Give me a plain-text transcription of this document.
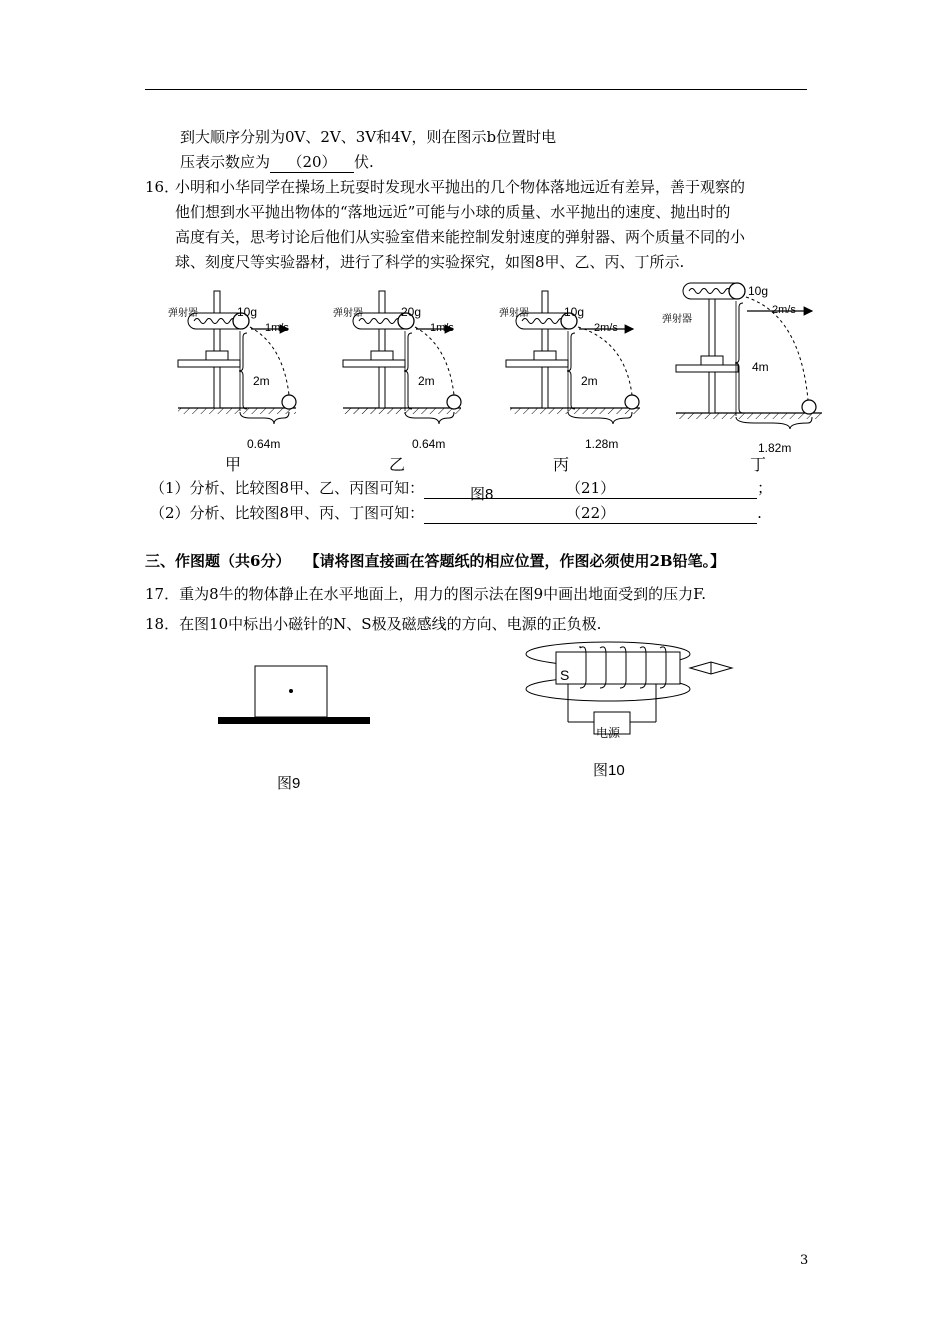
到大顺序分别为0V、2V、3V和4V，则在图示b位置时电
压表示数应为 （20） 伏.
16．
小明和小华同学在操场上玩耍时发现水平抛出的几个物体落地远近有差异，善于观察的
他们想到水平抛出物体的“落地远近”可能与小球的质量、水平抛出的速度、抛出时的
高度有关，思考讨论后他们从实验室借来能控制发射速度的弹射器、两个质量不同的小
球、刻度尺等实验器材，进行了科学的实验探究，如图8甲、乙、丙、丁所示.
弹射器	10g
1m/s
2m
0.64m
弹射器	20g
1m/s
2m
0.64m
弹射器	10g
2m/s
2m
1.28m
弹射器
10g
2m/s
4m
1.82m
甲	乙	丙	丁
（1）分析、比较图8甲、乙、丙图可知：	（21）	；
图8
（2）分析、比较图8甲、丙、丁图可知：	（22）	.
三、作图题（共6分） 【请将图直接画在答题纸的相应位置，作图必须使用2B铅笔。】
17．重为8牛的物体静止在水平地面上，用力的图示法在图9中画出地面受到的压力F.
18．在图10中标出小磁针的N、S极及磁感线的方向、电源的正负极.
图9
电源
S
图10
3
